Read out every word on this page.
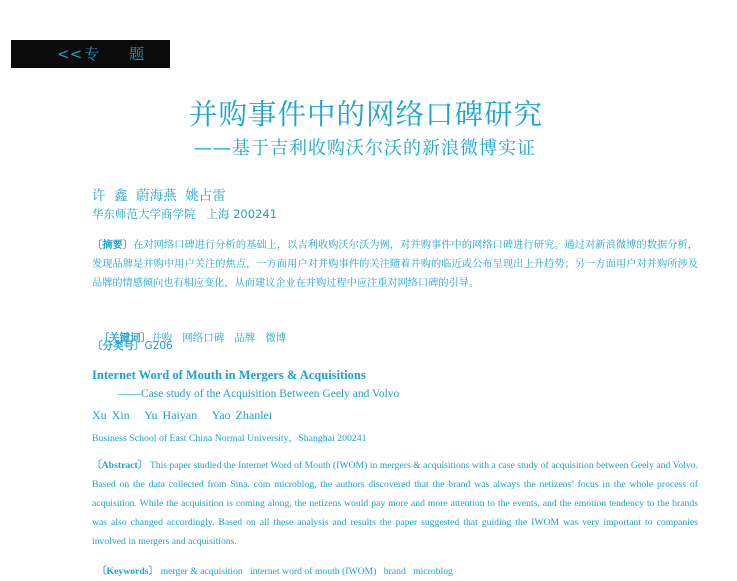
<< 专 题
并购事件中的网络口碑研究
——基于吉利收购沃尔沃的新浪微博实证
许  鑫  蔚海燕  姚占雷
华东师范大学商学院   上海 200241
〔摘要〕在对网络口碑进行分析的基础上，以吉利收购沃尔沃为例，对并购事件中的网络口碑进行研究。通过对新浪微博的数据分析，发现品牌是并购中用户关注的焦点，一方面用户对并购事件的关注随着并购的临近或公布呈现出上升趋势；另一方面用户对并购所涉及品牌的情感倾向也有相应变化，从而建议企业在并购过程中应注重对网络口碑的引导。

〔关键词〕并购   网络口碑   品牌   微博

〔分类号〕G206
Internet Word of Mouth in Mergers & Acquisitions
——Case study of the Acquisition Between Geely and Volvo
Xu Xin   Yu Haiyan   Yao Zhanlei
Business School of East China Normal University，Shanghai 200241
〔Abstract〕 This paper studied the Internet Word of Mouth (IWOM) in mergers & acquisitions with a case study of acquisition between Geely and Volvo. Based on the data collected from Sina. com microblog, the authors discovered that the brand was always the netizens’ focus in the whole process of acquisition. While the acquisition is coming along, the netizens would pay more and more attention to the events, and the emotion tendency to the brands was also changed accordingly. Based on all these analysis and results the paper suggested that guiding the IWOM was very important to companies involved in mergers and acquisitions.

〔Keywords〕 merger & acquisition   internet word of mouth (IWOM)   brand   microblog
